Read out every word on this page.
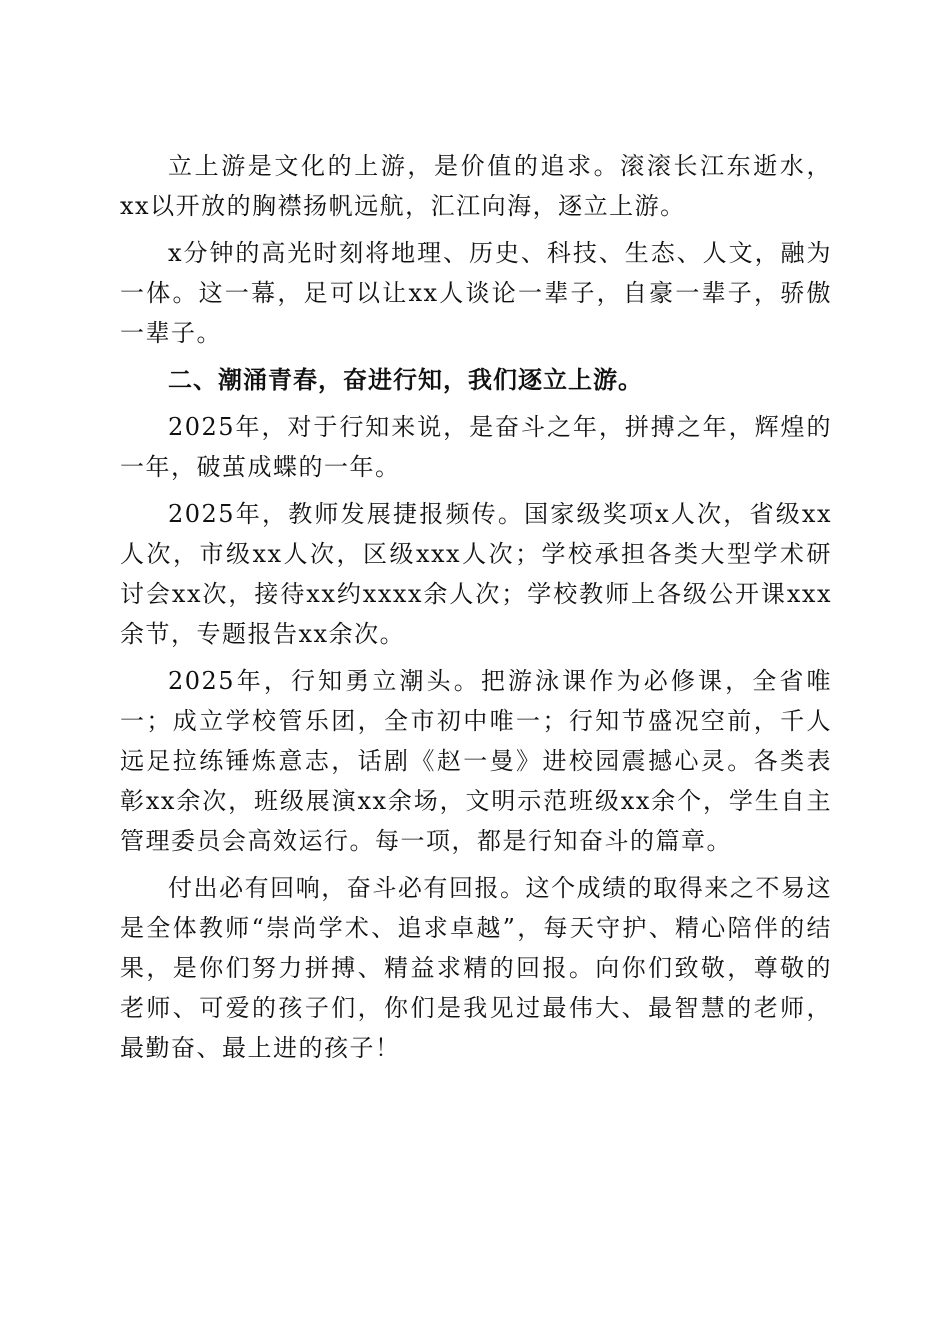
立上游是文化的上游，是价值的追求。滚滚长江东逝水，xx以开放的胸襟扬帆远航，汇江向海，逐立上游。

x分钟的高光时刻将地理、历史、科技、生态、人文，融为一体。这一幕，足可以让xx人谈论一辈子，自豪一辈子，骄傲一辈子。

二、潮涌青春，奋进行知，我们逐立上游。

2025年，对于行知来说，是奋斗之年，拼搏之年，辉煌的一年，破茧成蝶的一年。

2025年，教师发展捷报频传。国家级奖项x人次，省级xx人次，市级xx人次，区级xxx人次；学校承担各类大型学术研讨会xx次，接待xx约xxxx余人次；学校教师上各级公开课xxx余节，专题报告xx余次。

2025年，行知勇立潮头。把游泳课作为必修课，全省唯一；成立学校管乐团，全市初中唯一；行知节盛况空前，千人远足拉练锤炼意志，话剧《赵一曼》进校园震撼心灵。各类表彰xx余次，班级展演xx余场，文明示范班级xx余个，学生自主管理委员会高效运行。每一项，都是行知奋斗的篇章。

付出必有回响，奋斗必有回报。这个成绩的取得来之不易这是全体教师“崇尚学术、追求卓越”，每天守护、精心陪伴的结果，是你们努力拼搏、精益求精的回报。向你们致敬，尊敬的老师、可爱的孩子们，你们是我见过最伟大、最智慧的老师，最勤奋、最上进的孩子！
